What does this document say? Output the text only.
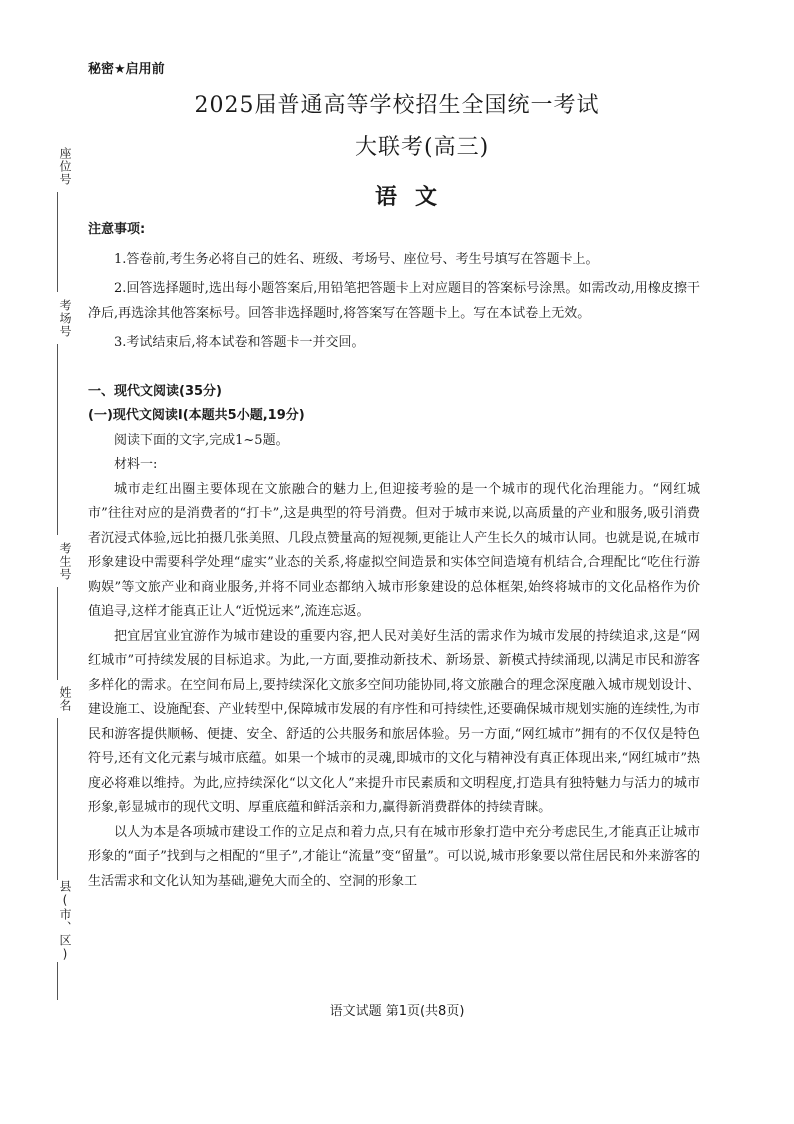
座位号
考场号
考生号
姓名
县(市、区)
秘密★启用前
2025届普通高等学校招生全国统一考试
大联考(高三)
语文

注意事项:

1.答卷前,考生务必将自己的姓名、班级、考场号、座位号、考生号填写在答题卡上。

2.回答选择题时,选出每小题答案后,用铅笔把答题卡上对应题目的答案标号涂黑。如需改动,用橡皮擦干净后,再选涂其他答案标号。回答非选择题时,将答案写在答题卡上。写在本试卷上无效。

3.考试结束后,将本试卷和答题卡一并交回。

一、现代文阅读(35分)

(一)现代文阅读Ⅰ(本题共5小题,19分)

阅读下面的文字,完成1~5题。

材料一:

城市走红出圈主要体现在文旅融合的魅力上,但迎接考验的是一个城市的现代化治理能力。“网红城市”往往对应的是消费者的“打卡”,这是典型的符号消费。但对于城市来说,以高质量的产业和服务,吸引消费者沉浸式体验,远比拍摄几张美照、几段点赞量高的短视频,更能让人产生长久的城市认同。也就是说,在城市形象建设中需要科学处理“虚实”业态的关系,将虚拟空间造景和实体空间造境有机结合,合理配比“吃住行游购娱”等文旅产业和商业服务,并将不同业态都纳入城市形象建设的总体框架,始终将城市的文化品格作为价值追寻,这样才能真正让人“近悦远来”,流连忘返。

把宜居宜业宜游作为城市建设的重要内容,把人民对美好生活的需求作为城市发展的持续追求,这是“网红城市”可持续发展的目标追求。为此,一方面,要推动新技术、新场景、新模式持续涌现,以满足市民和游客多样化的需求。在空间布局上,要持续深化文旅多空间功能协同,将文旅融合的理念深度融入城市规划设计、建设施工、设施配套、产业转型中,保障城市发展的有序性和可持续性,还要确保城市规划实施的连续性,为市民和游客提供顺畅、便捷、安全、舒适的公共服务和旅居体验。另一方面,“网红城市”拥有的不仅仅是特色符号,还有文化元素与城市底蕴。如果一个城市的灵魂,即城市的文化与精神没有真正体现出来,“网红城市”热度必将难以维持。为此,应持续深化“以文化人”来提升市民素质和文明程度,打造具有独特魅力与活力的城市形象,彰显城市的现代文明、厚重底蕴和鲜活亲和力,赢得新消费群体的持续青睐。

以人为本是各项城市建设工作的立足点和着力点,只有在城市形象打造中充分考虑民生,才能真正让城市形象的“面子”找到与之相配的“里子”,才能让“流量”变“留量”。可以说,城市形象要以常住居民和外来游客的生活需求和文化认知为基础,避免大而全的、空洞的形象工

语文试题 第1页(共8页)
